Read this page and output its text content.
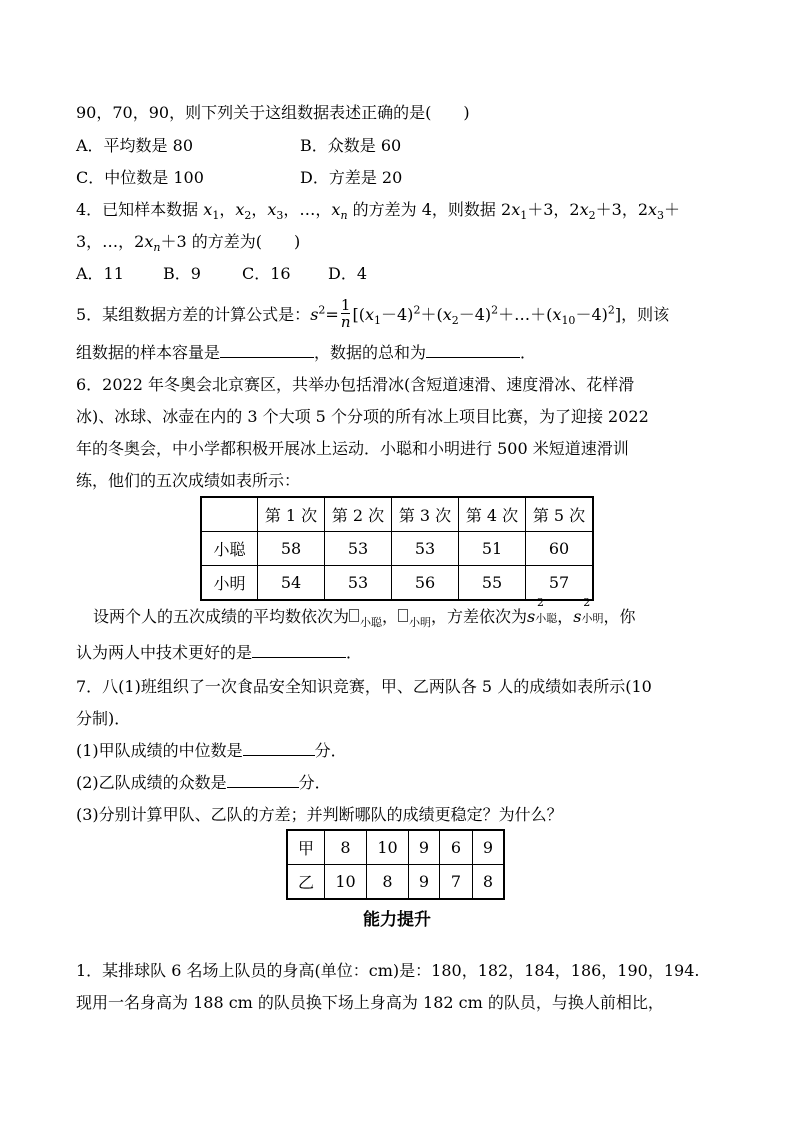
90，70，90，则下列关于这组数据表述正确的是(　　)
A．平均数是 80	B．众数是 60
C．中位数是 100	D．方差是 20
4．已知样本数据 $x_1$，$x_2$，$x_3$，…，$x_n$ 的方差为 4，则数据 $2x_1+3$，$2x_2+3$，$2x_3+$
3，…，$2x_n+3$ 的方差为(　　)
A．11 B．9	C．16 D．4
5．某组数据方差的计算公式是：$s^2= \frac{1}{n}$ $[(x_1-4)^2+(x_2-4)^2+\dots+(x_{10}-4)^2]$，则该
组数据的样本容量是	，数据的总和为	．
6．2022 年冬奥会北京赛区，共举办包括滑冰(含短道速滑、速度滑冰、花样滑
冰)、冰球、冰壶在内的 3 个大项 5 个分项的所有冰上项目比赛，为了迎接 2022
年的冬奥会，中小学都积极开展冰上运动．小聪和小明进行 500 米短道速滑训
练，他们的五次成绩如表所示：
	第 1 次	第 2 次	第 3 次	第 4 次	第 5 次
小聪	58	53	53	51	60
小明	54	53	56	55	57
设两个人的五次成绩的平均数依次为 $_{小聪}$， $_{小明}$，方差依次为s
2
小聪，s
2
小明，你
认为两人中技术更好的是	．
7．八(1)班组织了一次食品安全知识竞赛，甲、乙两队各 5 人的成绩如表所示(10
分制)．
(1)甲队成绩的中位数是	分．
(2)乙队成绩的众数是	分．
(3)分别计算甲队、乙队的方差；并判断哪队的成绩更稳定？为什么？
甲	8	10	9	6	9
乙	10	8	9	7	8
能力提升
1．某排球队 6 名场上队员的身高(单位：cm)是：180，182，184，186，190，194.
现用一名身高为 188 cm 的队员换下场上身高为 182 cm 的队员，与换人前相比，
